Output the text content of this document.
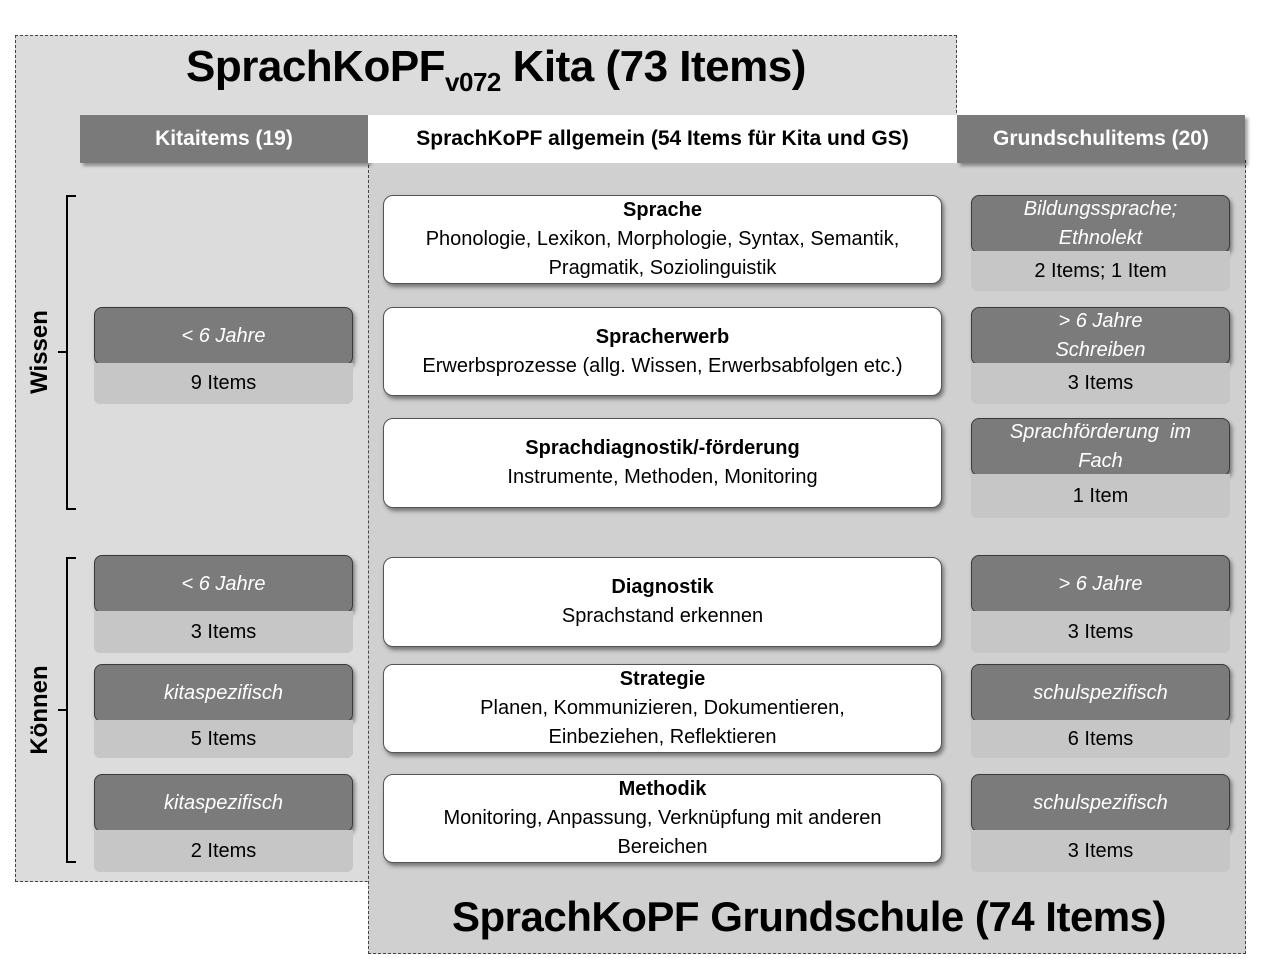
SprachKoPF$_{v072}$ Kita (73 Items)
SprachKoPF Grundschule (74 Items)
Kitaitems (19)	SprachKoPF allgemein (54 Items für Kita und GS)	Grundschulitems (20)
Wissen
Können
Sprache
Phonologie, Lexikon, Morphologie, Syntax, Semantik,
Pragmatik, Soziolinguistik
Spracherwerb
Erwerbsprozesse (allg. Wissen, Erwerbsabfolgen etc.)
Sprachdiagnostik/-förderung
Instrumente, Methoden, Monitoring
Diagnostik
Sprachstand erkennen
Strategie
Planen, Kommunizieren, Dokumentieren,
Einbeziehen, Reflektieren
Methodik
Monitoring, Anpassung, Verknüpfung mit anderen
Bereichen
< 6 Jahre
9 Items
< 6 Jahre
3 Items
kitaspezifisch
5 Items
kitaspezifisch
2 Items
Bildungssprache;
Ethnolekt
2 Items; 1 Item
> 6 Jahre
Schreiben
3 Items
Sprachförderung  im
Fach
1 Item
> 6 Jahre
3 Items
schulspezifisch
6 Items
schulspezifisch
3 Items
